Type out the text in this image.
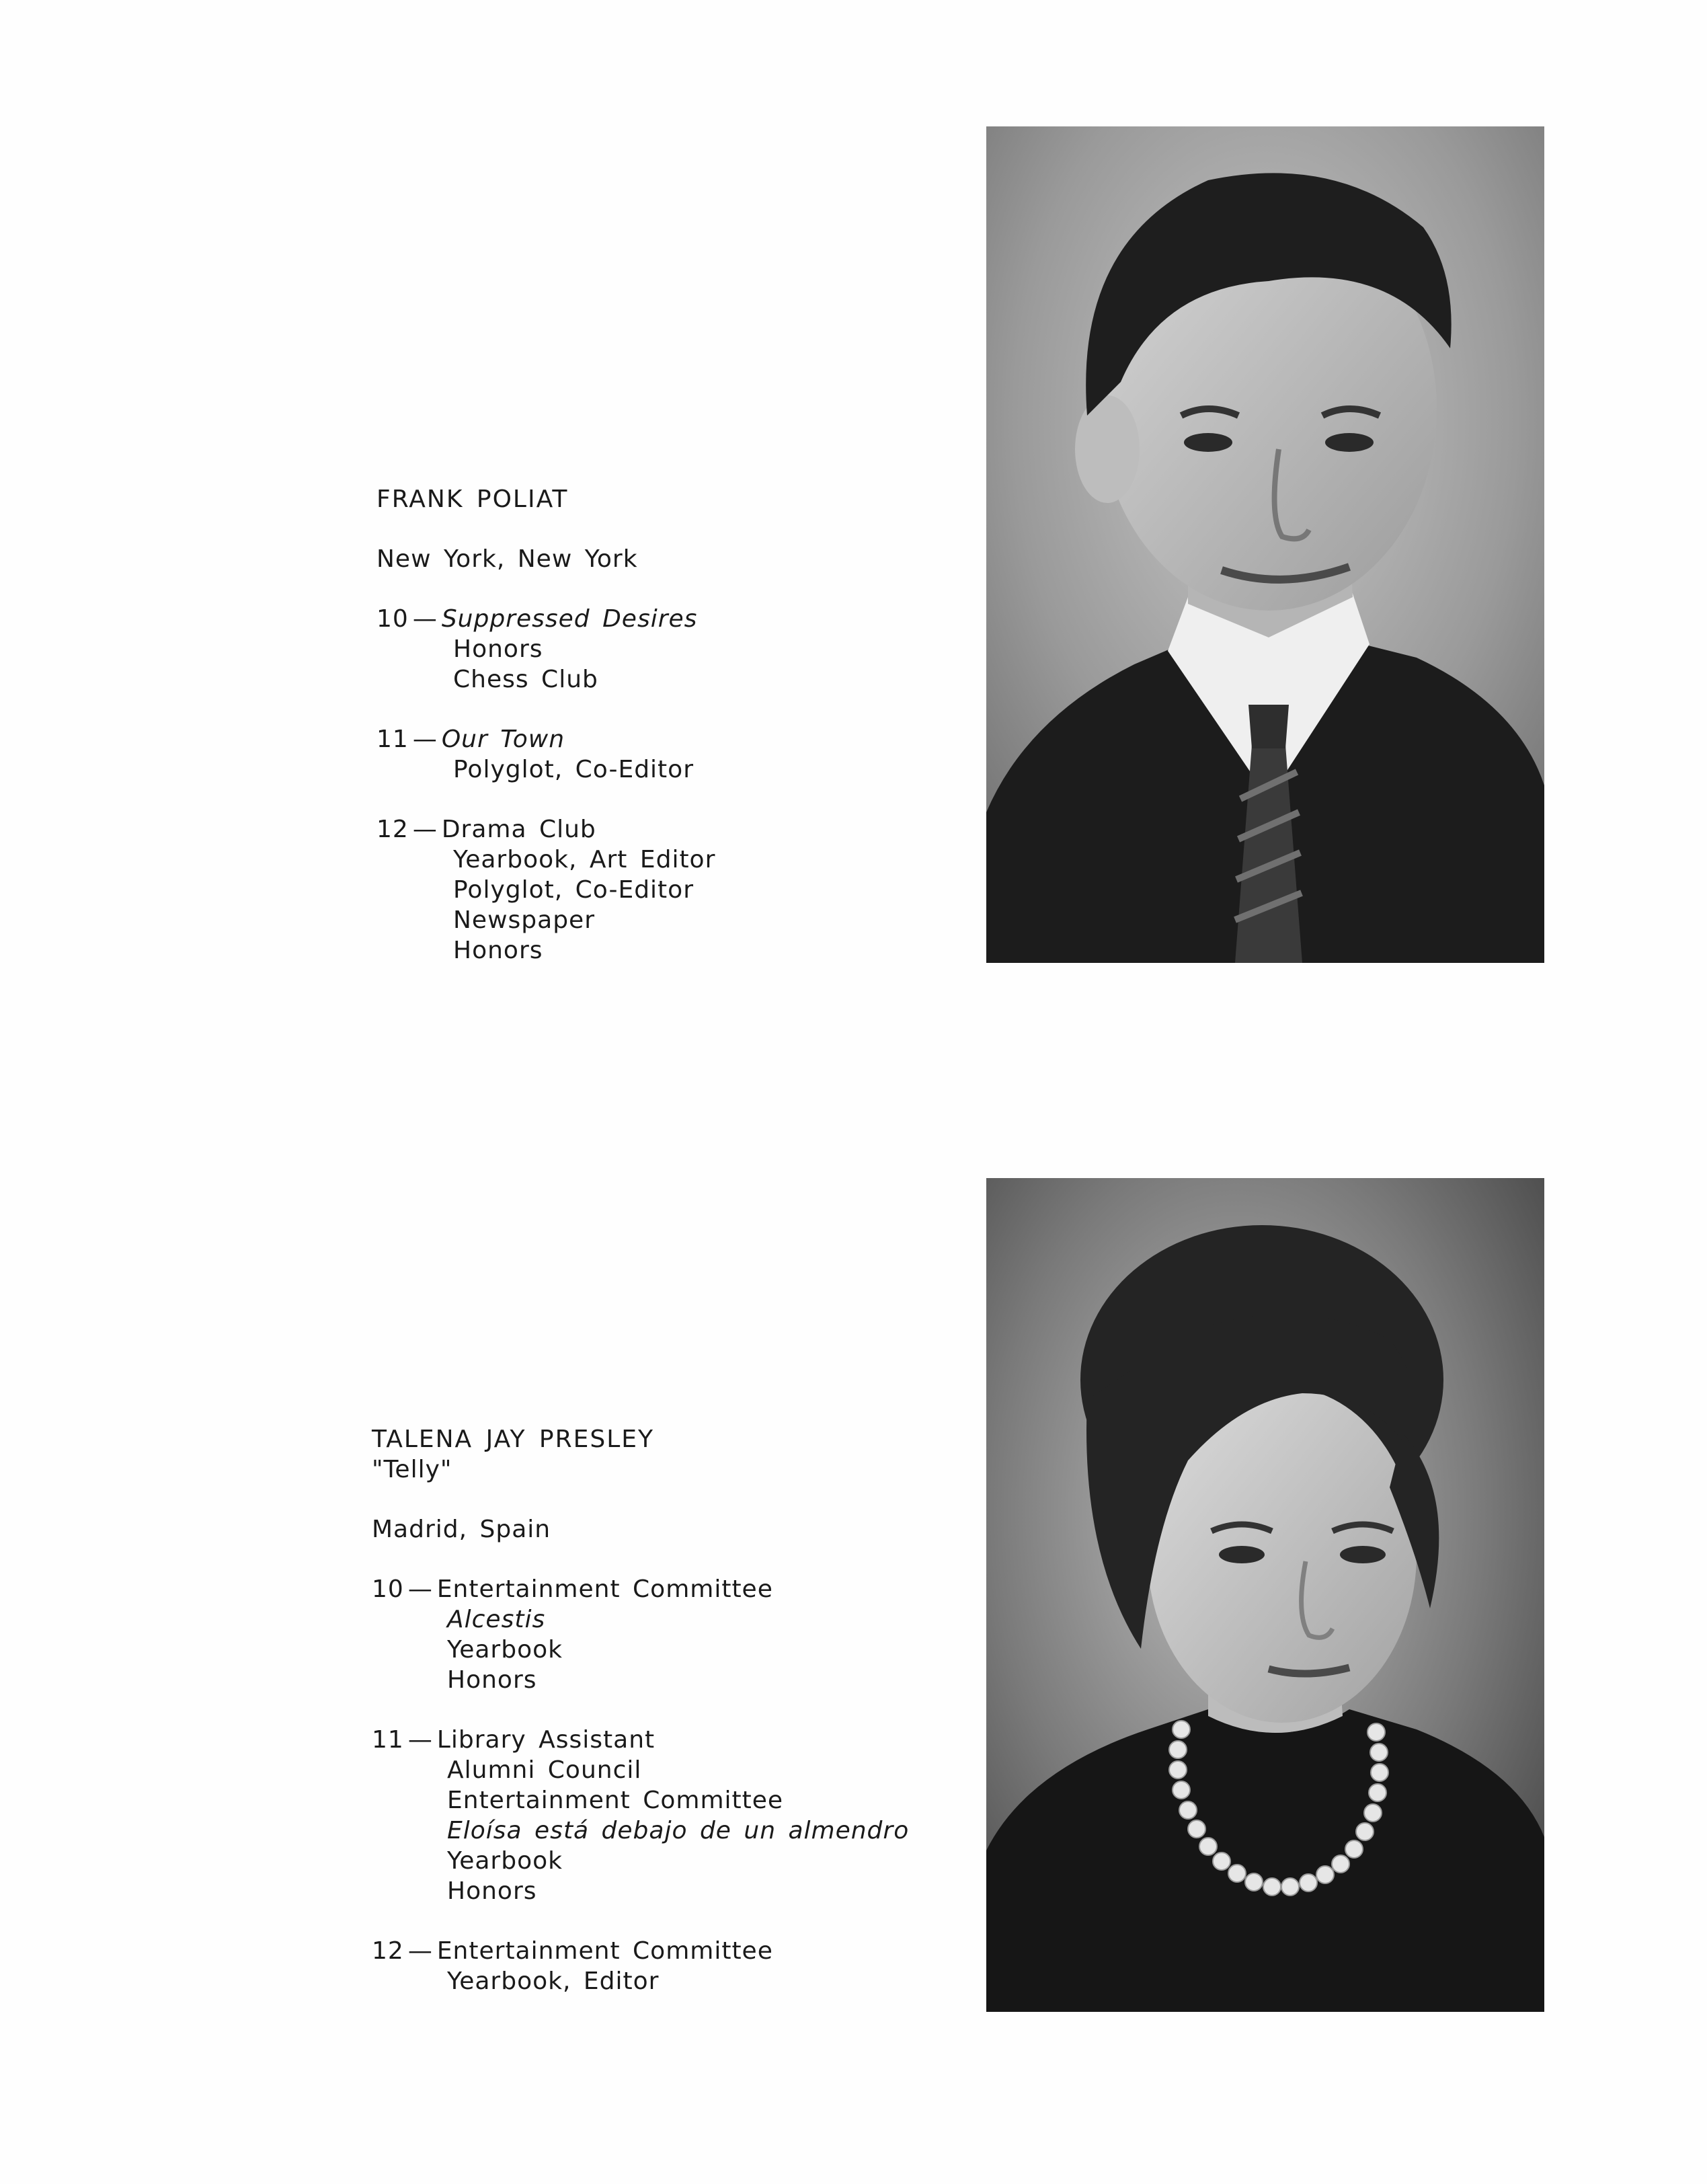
FRANK POLIAT
New York, New York
10 — Suppressed Desires
Honors
Chess Club
11 — Our Town
Polyglot, Co-Editor
12 — Drama Club
Yearbook, Art Editor
Polyglot, Co-Editor
Newspaper
Honors
TALENA JAY PRESLEY
"Telly"
Madrid, Spain
10 — Entertainment Committee
Alcestis
Yearbook
Honors
11 — Library Assistant
Alumni Council
Entertainment Committee
Eloísa está debajo de un almendro
Yearbook
Honors
12 — Entertainment Committee
Yearbook, Editor
